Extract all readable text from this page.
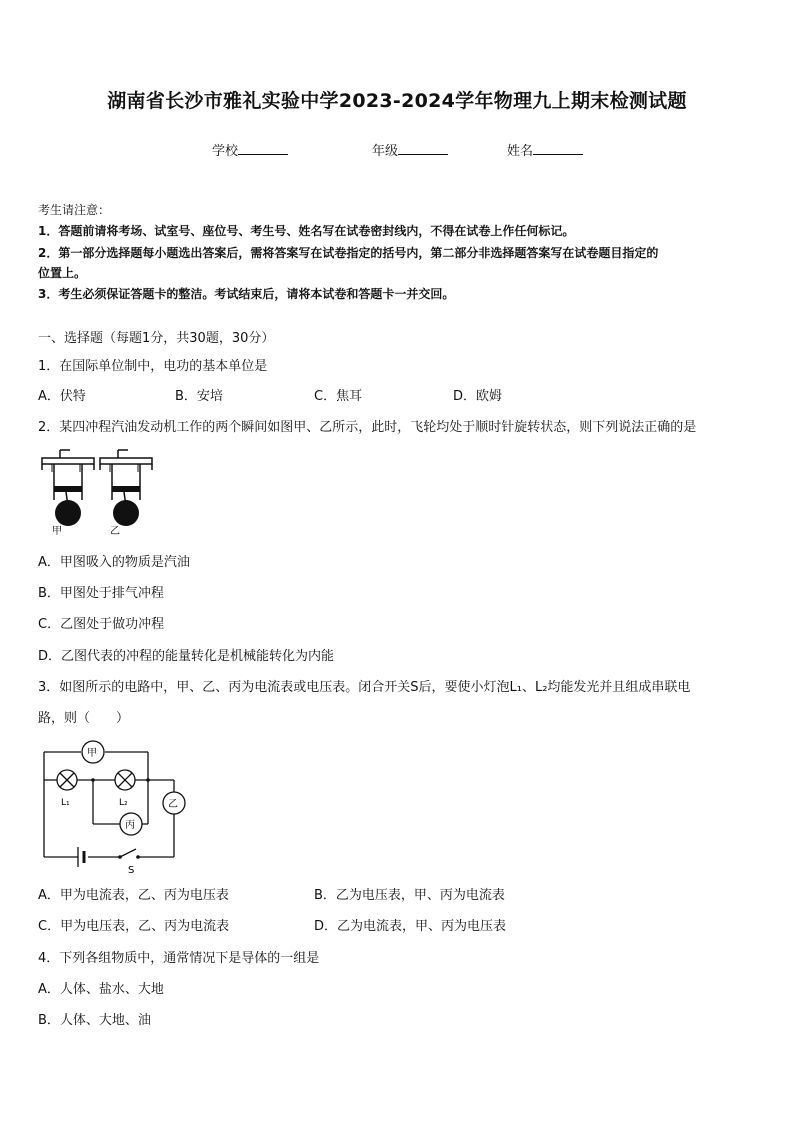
湖南省长沙市雅礼实验中学2023-2024学年物理九上期末检测试题
学校	年级	姓名
考生请注意：
1．答题前请将考场、试室号、座位号、考生号、姓名写在试卷密封线内，不得在试卷上作任何标记。
2．第一部分选择题每小题选出答案后，需将答案写在试卷指定的括号内，第二部分非选择题答案写在试卷题目指定的
位置上。
3．考生必须保证答题卡的整洁。考试结束后，请将本试卷和答题卡一并交回。
一、选择题（每题1分，共30题，30分）
1．在国际单位制中，电功的基本单位是
A．伏特	B．安培	C．焦耳	D．欧姆
2．某四冲程汽油发动机工作的两个瞬间如图甲、乙所示，此时，飞轮均处于顺时针旋转状态，则下列说法正确的是
甲	乙
A．甲图吸入的物质是汽油
B．甲图处于排气冲程
C．乙图处于做功冲程
D．乙图代表的冲程的能量转化是机械能转化为内能
3．如图所示的电路中，甲、乙、丙为电流表或电压表。闭合开关S后，要使小灯泡L₁、L₂均能发光并且组成串联电
路，则（　　）
甲
乙
丙
L₁	L₂
S
A．甲为电流表，乙、丙为电压表	B．乙为电压表，甲、丙为电流表
C．甲为电压表，乙、丙为电流表	D．乙为电流表，甲、丙为电压表
4．下列各组物质中，通常情况下是导体的一组是
A．人体、盐水、大地
B．人体、大地、油
